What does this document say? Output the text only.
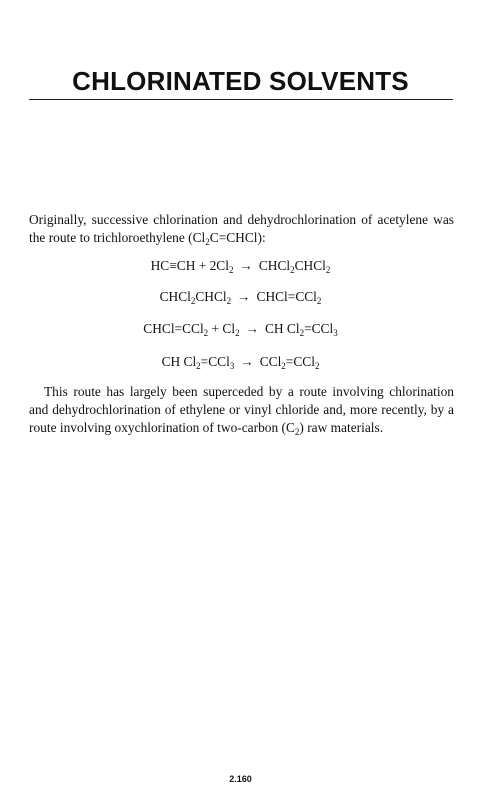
CHLORINATED SOLVENTS

Originally, successive chlorination and dehydrochlorination of acetylene was the route to trichloroethylene $(Cl_2C=CHCl)$:

$HC\equiv CH + 2Cl_2$ → CHCl$_2$CHCl$_2$

CHCl$_2$CHCl$_2$ → CHCl=CCl$_2$

CHCl=CCl$_2$ + $Cl_2$ → CH $Cl_2=CCl_3$

CH $Cl_2=CCl_3 \to CCl_2=CCl_2$

This route has largely been superceded by a route involving chlorination and dehydrochlorination of ethylene or vinyl chloride and, more recently, by a route involving oxychlorination of two-carbon $(C_2)$ raw materials.

2.160
